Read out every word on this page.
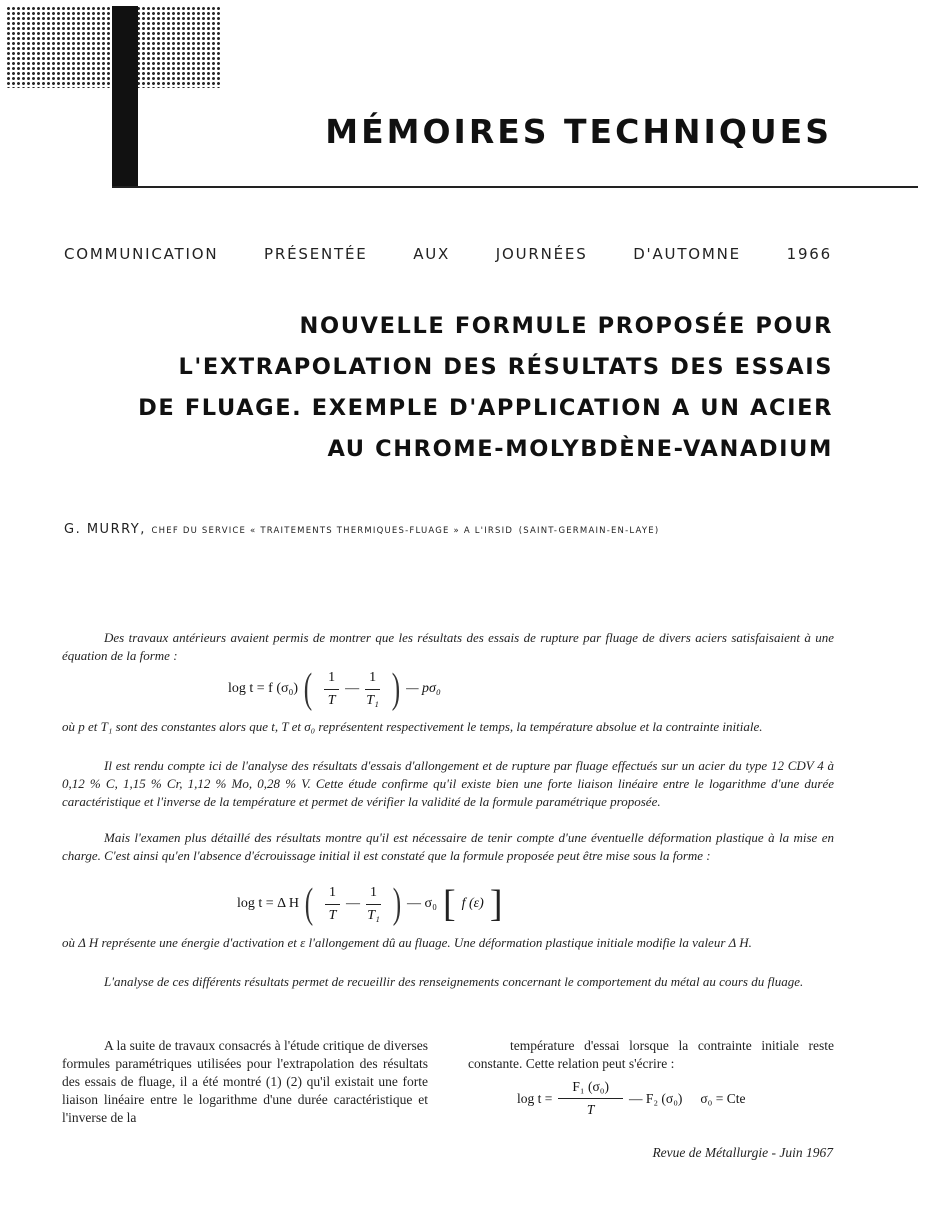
MÉMOIRES TECHNIQUES
COMMUNICATION	PRÉSENTÉE	AUX	JOURNÉES	D'AUTOMNE	1966
NOUVELLE FORMULE PROPOSÉE POUR
L'EXTRAPOLATION DES RÉSULTATS DES ESSAIS
DE FLUAGE. EXEMPLE D'APPLICATION A UN ACIER
AU CHROME-MOLYBDÈNE-VANADIUM
G. MURRY, CHEF DU SERVICE « TRAITEMENTS THERMIQUES-FLUAGE » A L'IRSID (SAINT-GERMAIN-EN-LAYE)
Des travaux antérieurs avaient permis de montrer que les résultats des essais de rupture par fluage de divers aciers satisfaisaient à une équation de la forme :
log t = f (σ₀) ( $\frac{1}{T}$ — $\frac{1}{\text{T₁}}$ ) — pσ₀
où p et T₁ sont des constantes alors que t, T et σ₀ représentent respectivement le temps, la température absolue et la contrainte initiale.
Il est rendu compte ici de l'analyse des résultats d'essais d'allongement et de rupture par fluage effectués sur un acier du type 12 CDV 4 à 0,12 % C, 1,15 % Cr, 1,12 % Mo, 0,28 % V. Cette étude confirme qu'il existe bien une forte liaison linéaire entre le logarithme d'une durée caractéristique et l'inverse de la température et permet de vérifier la validité de la formule paramétrique proposée.
Mais l'examen plus détaillé des résultats montre qu'il est nécessaire de tenir compte d'une éventuelle déformation plastique à la mise en charge. C'est ainsi qu'en l'absence d'écrouissage initial il est constaté que la formule proposée peut être mise sous la forme :
log t = Δ H ( $\frac{1}{T}$ — $\frac{1}{\text{T₁}}$ ) — σ₀ [ f (ε) ]
où Δ H représente une énergie d'activation et ε l'allongement dû au fluage. Une déformation plastique initiale modifie la valeur Δ H.
L'analyse de ces différents résultats permet de recueillir des renseignements concernant le comportement du métal au cours du fluage.
A la suite de travaux consacrés à l'étude critique de diverses formules paramétriques utilisées pour l'extrapolation des résultats des essais de fluage, il a été montré (1) (2) qu'il existait une forte liaison linéaire entre le logarithme d'une durée caractéristique et l'inverse de la
température d'essai lorsque la contrainte initiale reste constante. Cette relation peut s'écrire :
$\log t = \frac{\text{F₁ (σ₀)}}{T}$ — F₂ (σ₀) σ₀ = Cte
Revue de Métallurgie - Juin 1967
